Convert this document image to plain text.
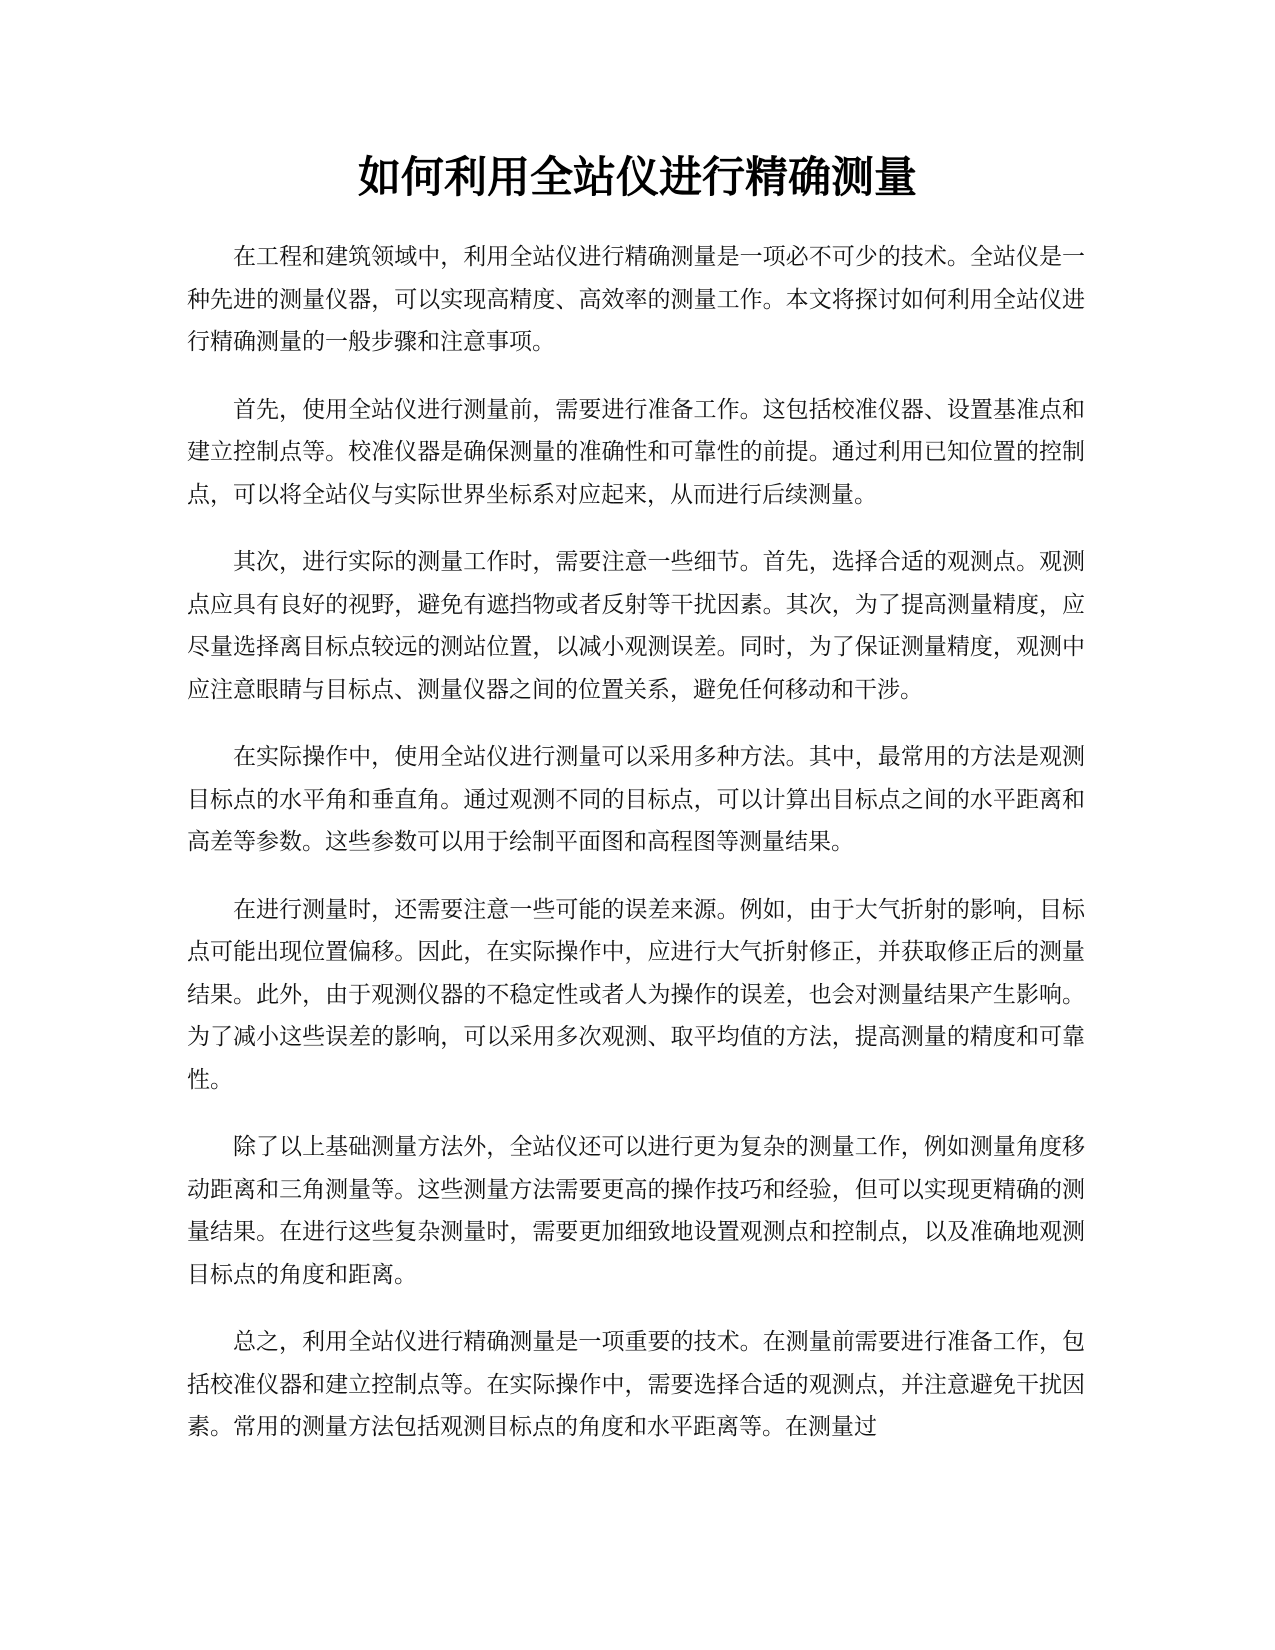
如何利用全站仪进行精确测量

在工程和建筑领域中，利用全站仪进行精确测量是一项必不可少的技术。全站仪是一种先进的测量仪器，可以实现高精度、高效率的测量工作。本文将探讨如何利用全站仪进行精确测量的一般步骤和注意事项。

首先，使用全站仪进行测量前，需要进行准备工作。这包括校准仪器、设置基准点和建立控制点等。校准仪器是确保测量的准确性和可靠性的前提。通过利用已知位置的控制点，可以将全站仪与实际世界坐标系对应起来，从而进行后续测量。

其次，进行实际的测量工作时，需要注意一些细节。首先，选择合适的观测点。观测点应具有良好的视野，避免有遮挡物或者反射等干扰因素。其次，为了提高测量精度，应尽量选择离目标点较远的测站位置，以减小观测误差。同时，为了保证测量精度，观测中应注意眼睛与目标点、测量仪器之间的位置关系，避免任何移动和干涉。

在实际操作中，使用全站仪进行测量可以采用多种方法。其中，最常用的方法是观测目标点的水平角和垂直角。通过观测不同的目标点，可以计算出目标点之间的水平距离和高差等参数。这些参数可以用于绘制平面图和高程图等测量结果。

在进行测量时，还需要注意一些可能的误差来源。例如，由于大气折射的影响，目标点可能出现位置偏移。因此，在实际操作中，应进行大气折射修正，并获取修正后的测量结果。此外，由于观测仪器的不稳定性或者人为操作的误差，也会对测量结果产生影响。为了减小这些误差的影响，可以采用多次观测、取平均值的方法，提高测量的精度和可靠性。

除了以上基础测量方法外，全站仪还可以进行更为复杂的测量工作，例如测量角度移动距离和三角测量等。这些测量方法需要更高的操作技巧和经验，但可以实现更精确的测量结果。在进行这些复杂测量时，需要更加细致地设置观测点和控制点，以及准确地观测目标点的角度和距离。

总之，利用全站仪进行精确测量是一项重要的技术。在测量前需要进行准备工作，包括校准仪器和建立控制点等。在实际操作中，需要选择合适的观测点，并注意避免干扰因素。常用的测量方法包括观测目标点的角度和水平距离等。在测量过
